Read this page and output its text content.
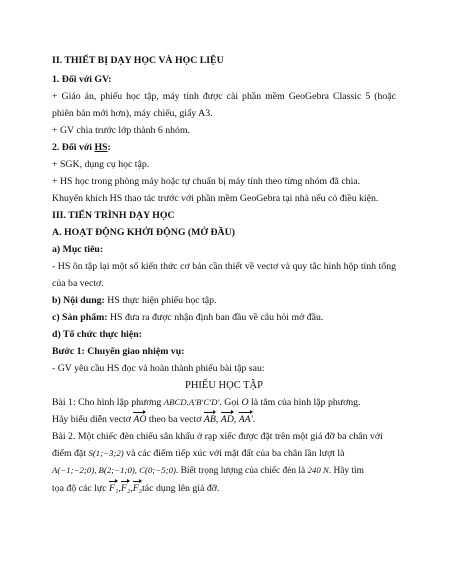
II. THIẾT BỊ DẠY HỌC VÀ HỌC LIỆU
1. Đối với GV:
+ Giáo án, phiếu học tập, máy tính được cài phần mềm GeoGebra Classic 5 (hoặc phiên bản mới hơn), máy chiếu, giấy A3.
+ GV chia trước lớp thành 6 nhóm.
2. Đối với HS:
+ SGK, dụng cụ học tập.
+ HS học trong phòng máy hoặc tự chuẩn bị máy tính theo từng nhóm đã chia.
Khuyến khích HS thao tác trước với phần mềm GeoGebra tại nhà nếu có điều kiện.
III. TIẾN TRÌNH DẠY HỌC
A. HOẠT ĐỘNG KHỞI ĐỘNG (MỞ ĐẦU)
a) Mục tiêu:
- HS ôn tập lại một số kiến thức cơ bản cần thiết về vectơ và quy tắc hình hộp tính tổng của ba vectơ.
b) Nội dung: HS thực hiện phiếu học tập.
c) Sản phẩm: HS đưa ra được nhận định ban đầu về câu hỏi mở đầu.
d) Tổ chức thực hiện:
Bước 1: Chuyển giao nhiệm vụ:
- GV yêu cầu HS đọc và hoàn thành phiếu bài tập sau:
PHIẾU HỌC TẬP
Bài 1: Cho hình lập phương ABCD.A'B'C'D'. Gọi O là tâm của hình lập phương.
Hãy biểu diễn vectơ AO theo ba vectơ AB, AD, AA'.
Bài 2. Một chiếc đèn chiếu sân khấu ở rạp xiếc được đặt trên một giá đỡ ba chân với
điểm đặt S(1;−3;2) và các điểm tiếp xúc với mặt đất của ba chân lần lượt là
A(−1;−2;0), B(2;−1;0), C(0;−5;0). Biết trọng lượng của chiếc đèn là 240 N. Hãy tìm
tọa độ các lực F₁,F₂,F₃tác dụng lên giá đỡ.
